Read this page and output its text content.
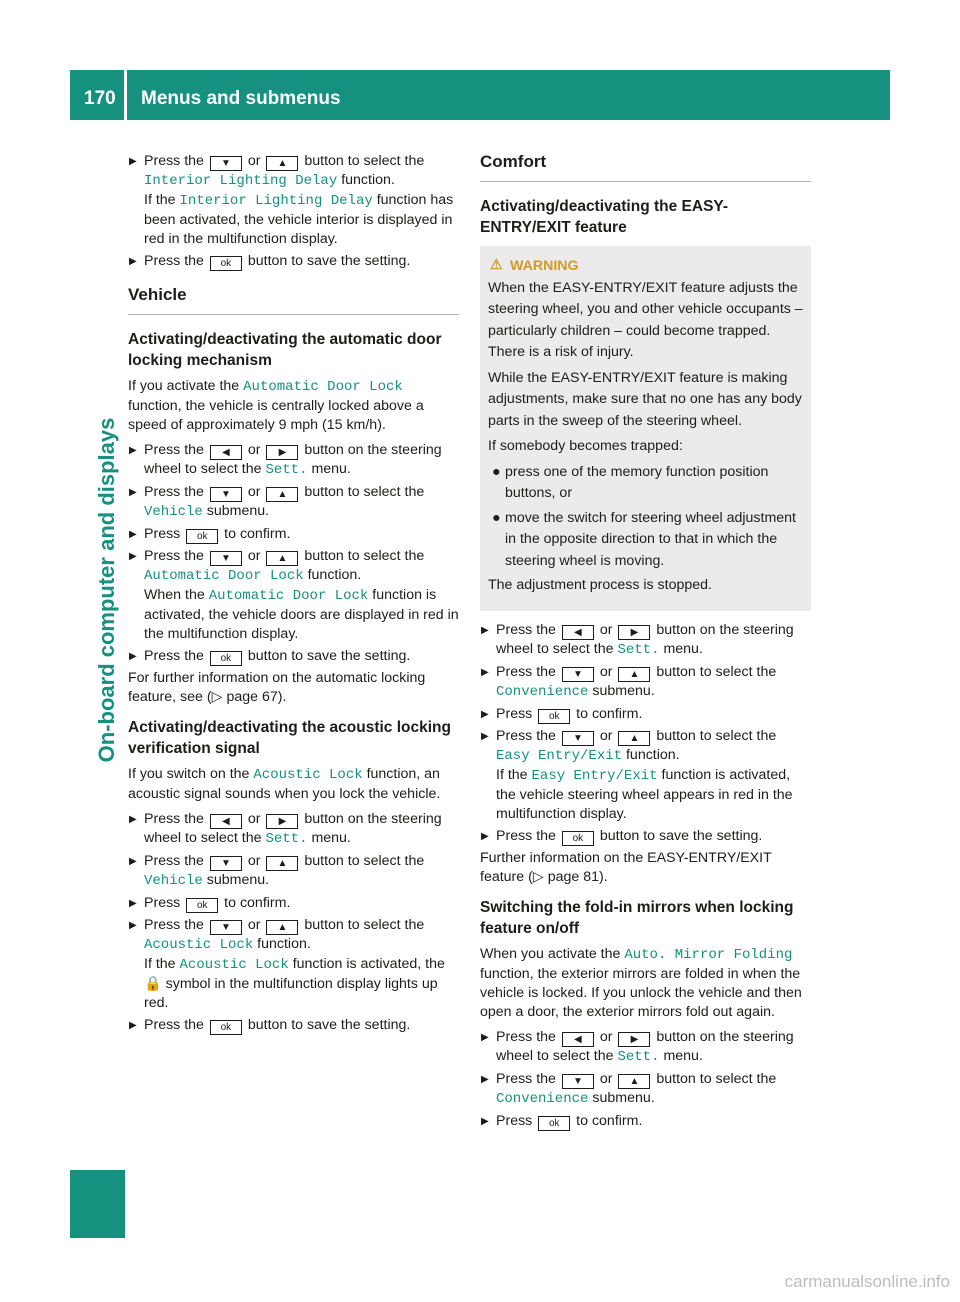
170 Menus and submenus
On-board computer and displays
▶ Press the ▼ or ▲ button to select the Interior Lighting Delay function.
If the Interior Lighting Delay function has been activated, the vehicle interior is displayed in red in the multifunction display.
▶ Press the ok button to save the setting.
Vehicle
Activating/deactivating the automatic door locking mechanism

If you activate the Automatic Door Lock function, the vehicle is centrally locked above a speed of approximately 9 mph (15 km/h).

▶ Press the ◀ or ▶ button on the steering wheel to select the Sett. menu.
▶ Press the ▼ or ▲ button to select the Vehicle submenu.
▶ Press ok to confirm.
▶ Press the ▼ or ▲ button to select the Automatic Door Lock function.
When the Automatic Door Lock function is activated, the vehicle doors are displayed in red in the multifunction display.
▶ Press the ok button to save the setting.

For further information on the automatic locking feature, see (▷ page 67).

Activating/deactivating the acoustic locking verification signal

If you switch on the Acoustic Lock function, an acoustic signal sounds when you lock the vehicle.

▶ Press the ◀ or ▶ button on the steering wheel to select the Sett. menu.
▶ Press the ▼ or ▲ button to select the Vehicle submenu.
▶ Press ok to confirm.
▶ Press the ▼ or ▲ button to select the Acoustic Lock function.
If the Acoustic Lock function is activated, the 🔒 symbol in the multifunction display lights up red.
▶ Press the ok button to save the setting.
Comfort
Activating/deactivating the EASY-ENTRY/EXIT feature
⚠ WARNING

When the EASY-ENTRY/EXIT feature adjusts the steering wheel, you and other vehicle occupants – particularly children – could become trapped. There is a risk of injury.

While the EASY-ENTRY/EXIT feature is making adjustments, make sure that no one has any body parts in the sweep of the steering wheel.

If somebody becomes trapped:

● press one of the memory function position buttons, or
● move the switch for steering wheel adjustment in the opposite direction to that in which the steering wheel is moving.

The adjustment process is stopped.

▶ Press the ◀ or ▶ button on the steering wheel to select the Sett. menu.
▶ Press the ▼ or ▲ button to select the Convenience submenu.
▶ Press ok to confirm.
▶ Press the ▼ or ▲ button to select the Easy Entry/Exit function.
If the Easy Entry/Exit function is activated, the vehicle steering wheel appears in red in the multifunction display.
▶ Press the ok button to save the setting.

Further information on the EASY-ENTRY/EXIT feature (▷ page 81).

Switching the fold-in mirrors when locking feature on/off

When you activate the Auto. Mirror Folding function, the exterior mirrors are folded in when the vehicle is locked. If you unlock the vehicle and then open a door, the exterior mirrors fold out again.

▶ Press the ◀ or ▶ button on the steering wheel to select the Sett. menu.
▶ Press the ▼ or ▲ button to select the Convenience submenu.
▶ Press ok to confirm.
carmanualsonline.info
